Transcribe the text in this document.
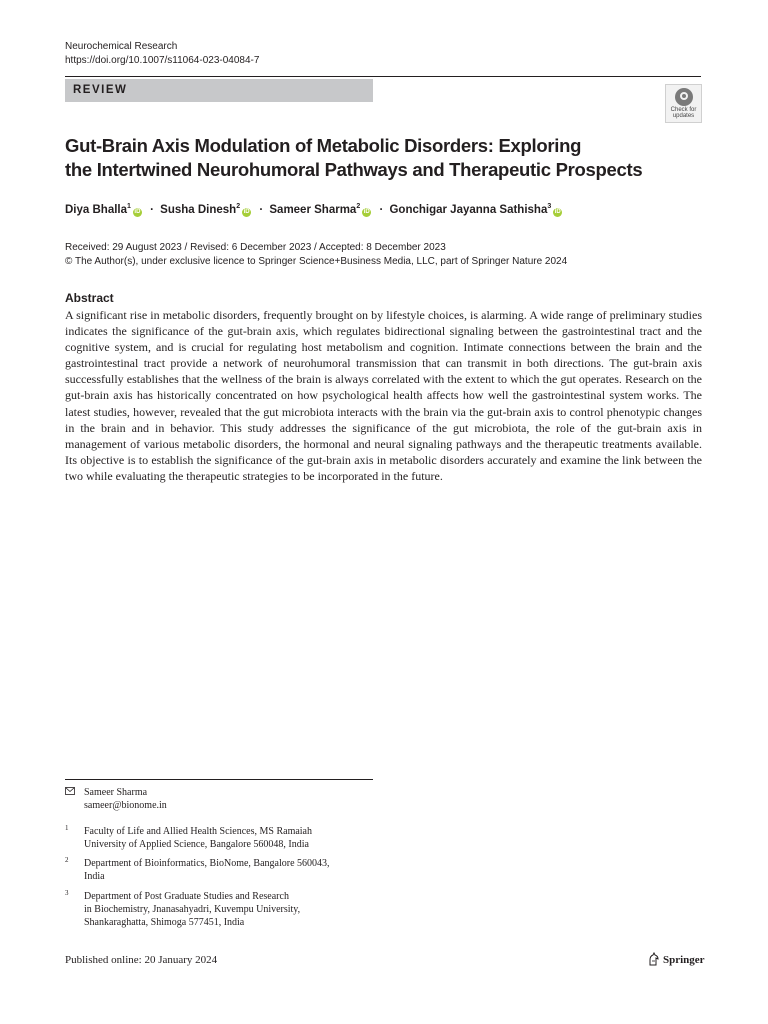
Neurochemical Research
https://doi.org/10.1007/s11064-023-04084-7
REVIEW
Check for
updates
Gut-Brain Axis Modulation of Metabolic Disorders: Exploring
the Intertwined Neurohumoral Pathways and Therapeutic Prospects
Diya Bhalla$^1$iD · Susha Dinesh$^2$iD · Sameer Sharma$^2$iD · Gonchigar Jayanna Sathisha$^3$iD
Received: 29 August 2023 / Revised: 6 December 2023 / Accepted: 8 December 2023
© The Author(s), under exclusive licence to Springer Science+Business Media, LLC, part of Springer Nature 2024
Abstract
A significant rise in metabolic disorders, frequently brought on by lifestyle choices, is alarming. A wide range of preliminary studies indicates the significance of the gut-brain axis, which regulates bidirectional signaling between the gastrointestinal tract and the cognitive system, and is crucial for regulating host metabolism and cognition. Intimate connections between the brain and the gastrointestinal tract provide a network of neurohumoral transmission that can transmit in both directions. The gut-brain axis successfully establishes that the wellness of the brain is always correlated with the extent to which the gut operates. Research on the gut-brain axis has historically concentrated on how psychological health affects how well the gastrointestinal system works. The latest studies, however, revealed that the gut microbiota interacts with the brain via the gut-brain axis to control phenotypic changes in the brain and in behavior. This study addresses the significance of the gut microbiota, the role of the gut-brain axis in management of various metabolic disorders, the hormonal and neural signaling pathways and the therapeutic treatments available. Its objective is to establish the significance of the gut-brain axis in metabolic disorders accurately and examine the link between the two while evaluating the therapeutic strategies to be incorporated in the future.
Sameer Sharma
sameer@bionome.in
1 Faculty of Life and Allied Health Sciences, MS Ramaiah
University of Applied Science, Bangalore 560048, India
2 Department of Bioinformatics, BioNome, Bangalore 560043,
India
3 Department of Post Graduate Studies and Research
in Biochemistry, Jnanasahyadri, Kuvempu University,
Shankaraghatta, Shimoga 577451, India
Published online: 20 January 2024	Springer
